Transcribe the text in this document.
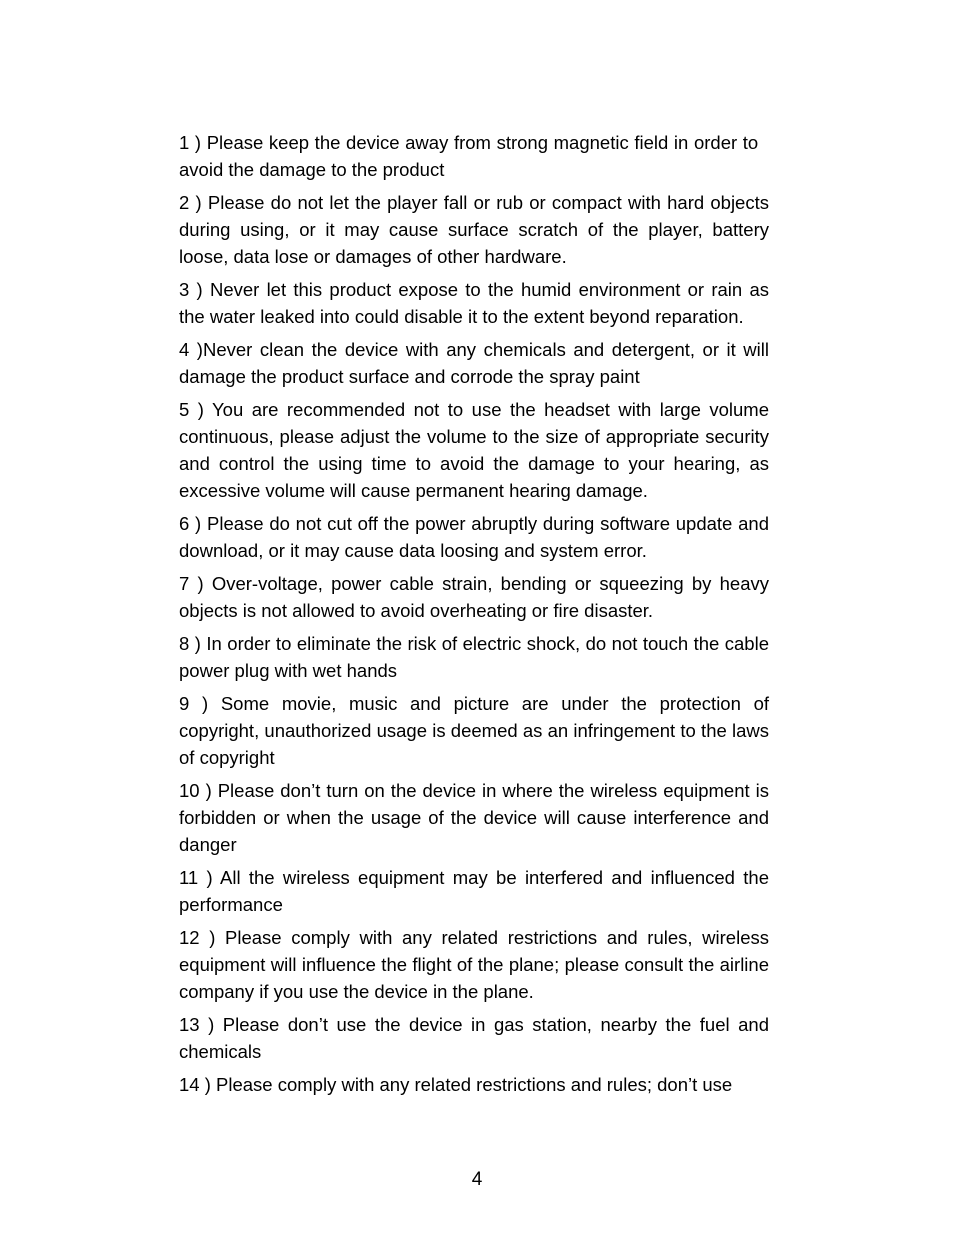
1 ) Please keep the device away from strong magnetic field in order to   avoid the damage to the product

2 ) Please do not let the player fall or rub or compact with hard objects during using, or it may cause surface scratch of the player, battery loose, data lose or damages of other hardware.

3 ) Never let this product expose to the humid environment or rain as the water leaked into could disable it to the extent beyond reparation.

4 )Never clean the device with any chemicals and detergent, or it will damage the product surface and corrode the spray paint

5 ) You are recommended not to use the headset with large volume continuous, please adjust the volume to the size of appropriate security and control the using time to avoid the damage to your hearing, as excessive volume will cause permanent hearing damage.

6 ) Please do not cut off the power abruptly during software update and download, or it may cause data loosing and system error.

7 ) Over-voltage, power cable strain, bending or squeezing by heavy objects is not allowed to avoid overheating or fire disaster.

8 ) In order to eliminate the risk of electric shock, do not touch the cable power plug with wet hands

9 ) Some movie, music and picture are under the protection of copyright, unauthorized usage is deemed as an infringement to the laws of copyright

10 ) Please don’t turn on the device in where the wireless equipment is forbidden or when the usage of the device will cause interference and danger

11 ) All the wireless equipment may be interfered and influenced the performance

12 ) Please comply with any related restrictions and rules, wireless equipment will influence the flight of the plane; please consult the airline company if you use the device in the plane.

13 ) Please don’t use the device in gas station, nearby the fuel and chemicals

14 ) Please comply with any related restrictions and rules; don’t use

4
